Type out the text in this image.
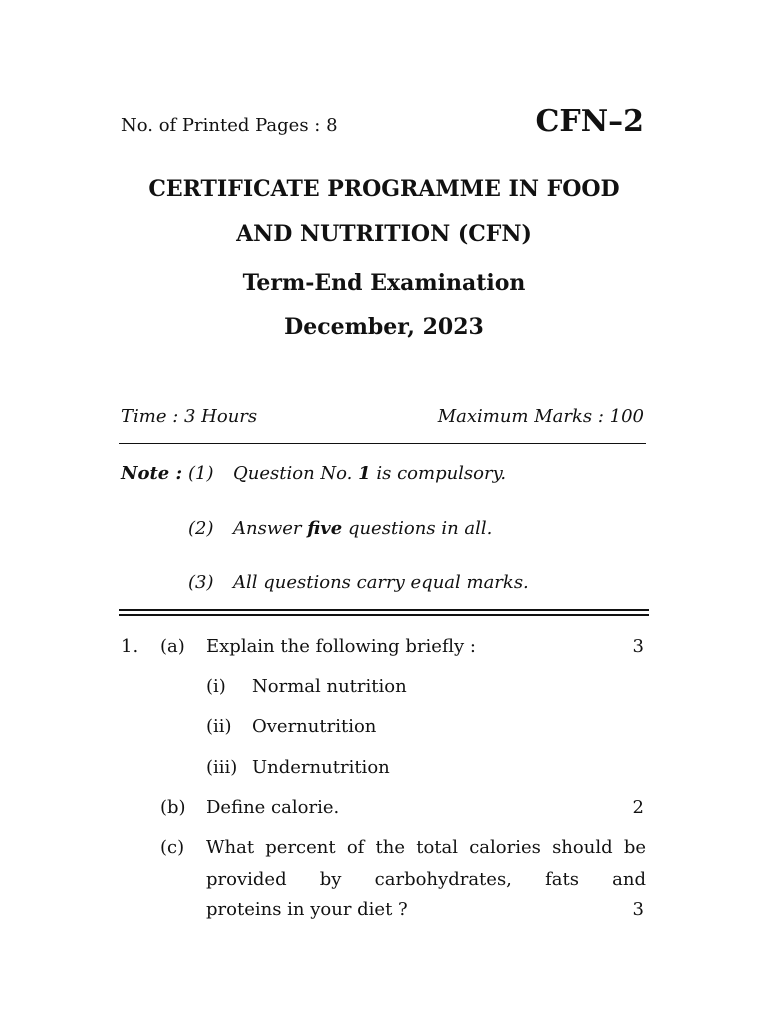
No. of Printed Pages : 8	CFN–2
CERTIFICATE PROGRAMME IN FOOD
AND NUTRITION (CFN)
Term-End Examination
December, 2023
Time : 3 Hours	Maximum Marks : 100
Note : (1) Question No. 1 is compulsory.
(2) Answer five questions in all.
(3) All questions carry equal marks.
1. (a) Explain the following briefly :	3
(i) Normal nutrition
(ii) Overnutrition
(iii) Undernutrition
(b) Define calorie.	2
(c) What percent of the total calories should be
provided by carbohydrates, fats and
proteins in your diet ?	3
